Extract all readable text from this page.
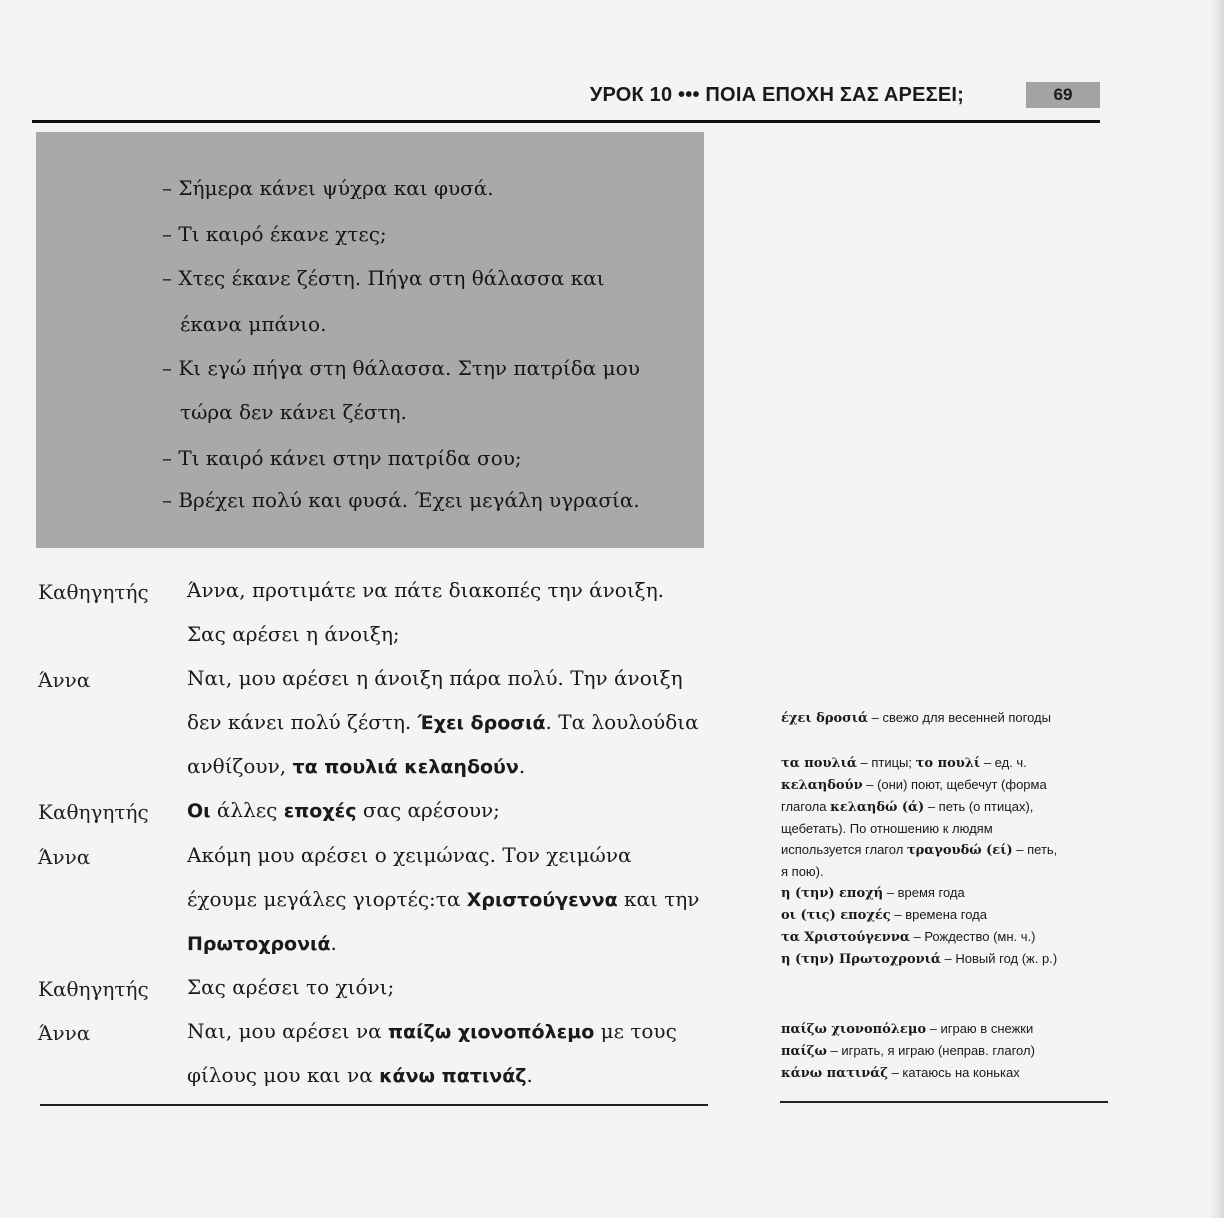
УРОК 10 ••• ΠΟΙΑ ΕΠΟΧΗ ΣΑΣ ΑΡΕΣΕΙ;	69
– Σήμερα κάνει ψύχρα και φυσά.
– Τι καιρό έκανε χτες;
– Χτες έκανε ζέστη. Πήγα στη θάλασσα και
έκανα μπάνιο.
– Κι εγώ πήγα στη θάλασσα. Στην πατρίδα μου
τώρα δεν κάνει ζέστη.
– Τι καιρό κάνει στην πατρίδα σου;
– Βρέχει πολύ και φυσά. Έχει μεγάλη υγρασία.
Καθηγητής
Άννα
Καθηγητής
Άννα
Καθηγητής
Άννα
Άννα, προτιμάτε να πάτε διακοπές την άνοιξη.
Σας αρέσει η άνοιξη;
Ναι, μου αρέσει η άνοιξη πάρα πολύ. Την άνοιξη
δεν κάνει πολύ ζέστη. Έχει δροσιά. Τα λουλούδια
ανθίζουν, τα πουλιά κελαηδούν.
Οι άλλες εποχές σας αρέσουν;
Ακόμη μου αρέσει ο χειμώνας. Τον χειμώνα
έχουμε μεγάλες γιορτές:τα Χριστούγεννα και την
Πρωτοχρονιά.
Σας αρέσει το χιόνι;
Ναι, μου αρέσει να παίζω χιονοπόλεμο με τους
φίλους μου και να κάνω πατινάζ.
έχει δροσιά – свежо для весенней погоды
τα πουλιά – птицы; το πουλί – ед. ч.
κελαηδούν – (они) поют, щебечут (форма
глагола κελαηδώ (ά) – петь (о птицах),
щебетать). По отношению к людям
используется глагол τραγουδώ (εί) – петь,
я пою).
η (την) εποχή – время года
οι (τις) εποχές – времена года
τα Χριστούγεννα – Рождество (мн. ч.)
η (την) Πρωτοχρονιά – Новый год (ж. р.)
παίζω χιονοπόλεμο – играю в снежки
παίζω – играть, я играю (неправ. глагол)
κάνω πατινάζ – катаюсь на коньках
